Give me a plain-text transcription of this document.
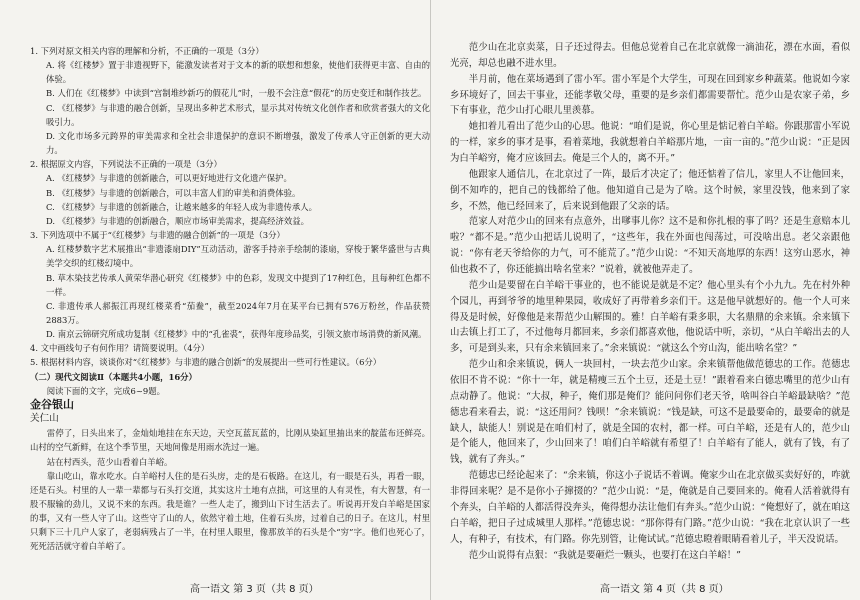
1. 下列对原文相关内容的理解和分析，不正确的一项是（3分）

A. 将《红楼梦》置于非遗视野下，能激发读者对于文本的新的联想和想象，使他们获得更丰富、自由的体验。

B. 人们在《红楼梦》中读到“宫制堆纱新巧的假花儿”时，一般不会注意“假花”的历史变迁和制作技艺。

C. 《红楼梦》与非遗的融合创新，呈现出多种艺术形式，显示其对传统文化创作者和欣赏者强大的文化吸引力。

D. 文化市场多元跨界的审美需求和全社会非遗保护的意识不断增强，激发了传承人守正创新的更大动力。

2. 根据原文内容，下列说法不正确的一项是（3分）

A. 《红楼梦》与非遗的创新融合，可以更好地进行文化遗产保护。

B. 《红楼梦》与非遗的创新融合，可以丰富人们的审美和消费体验。

C. 《红楼梦》与非遗的创新融合，让越来越多的年轻人成为非遗传承人。

D. 《红楼梦》与非遗的创新融合，顺应市场审美需求，提高经济效益。

3. 下列选项中不属于“《红楼梦》与非遗的融合创新”的一项是（3分）

A. 红楼梦数字艺术展推出“非遗漆扇DIY”互动活动，游客手持亲手绘制的漆扇，穿梭于繁华盛世与古典美学交织的红楼幻境中。

B. 草木染技艺传承人黄荣华潜心研究《红楼梦》中的色彩，发现文中提到了17种红色，且每种红色都不一样。

C. 非遗传承人郝振江再现红楼菜肴“茄鲞”，截至2024年7月在某平台已拥有576万粉丝，作品获赞2883万。

D. 南京云锦研究所成功复制《红楼梦》中的“孔雀裘”，获得年度珍品奖，引领文旅市场消费的新风潮。

4. 文中画线句子有何作用？请简要说明。（4分）

5. 根据材料内容，谈谈你对“《红楼梦》与非遗的融合创新”的发展提出一些可行性建议。（6分）

（二）现代文阅读Ⅱ（本题共4小题，16分）

阅读下面的文字，完成6~9题。

金谷银山

关仁山

雷停了，日头出来了，金灿灿地挂在东天边，天空瓦蓝瓦蓝的，比刚从染缸里抽出来的靛蓝布还鲜亮。山村的空气新鲜，在这个季节里，天地间像是用雨水洗过一遍。

站在村西头，范少山看着白羊峪。

靠山吃山，靠水吃水。白羊峪村人住的是石头房，走的是石板路。在这儿，有一眼是石头，再看一眼，还是石头。村里的人一辈一辈都与石头打交道，其实这片土地有点拙，可这里的人有灵性，有大智慧，有一股不服输的劲儿，又说不来的东西。我是谁？一些人走了，搬到山下讨生活去了。听说再开发白羊峪是国家的事，又有一些人守了山。这些守了山的人，依然守着土地，住着石头房，过着自己的日子。在这儿，村里只剩下三十几户人家了，老弱病残占了一半，在村里人眼里，像那放羊的石头是个“穷”字。他们也死心了，死死活活就守着白羊峪了。

范少山在北京卖菜，日子还过得去。但他总觉着自己在北京就像一滴油花，漂在水面，看似光亮，却总也融不进水里。

半月前，他在菜场遇到了雷小军。雷小军是个大学生，可现在回到家乡种蔬菜。他说如今家乡环境好了，回去干事业，还能孝敬父母，重要的是乡亲们都需要帮忙。范少山是农家子弟，乡下有事业，范少山打心眼儿里羡慕。

她扣着儿看出了范少山的心思。他说：“咱们是说，你心里是惦记着白羊峪。你跟那雷小军说的一样，家乡的事才是事，看着菜地，我就想着白羊峪那片地，一亩一亩的。”范少山说：“正是因为白羊峪穷，俺才应该回去。俺是三个人的，离不开。”

他跟家人通信儿，在北京过了一阵，最后才决定了；他还惦着了信儿，家里人不让他回来，倒不知咋的，把自己的钱都给了他。他知道自己是为了啥。这个时候，家里没钱，他来到了家乡，不然，他已经回来了，后来说到他跟了父亲的话。

范家人对范少山的回来有点意外，出嗲事儿你？这不是和你扎根的事了吗？还是生意赔本儿啦？“都不是。”范少山把话儿说明了，“这些年，我在外面也闯荡过，可没啥出息。老父亲跟他说：“你有老天爷给你的力气，可不能荒了。”范少山说：“不知天高地厚的东西！这穷山恶水，神仙也救不了，你还能搞出啥名堂来？”说着，就被他弄走了。

范少山是要留在白羊峪干事业的，也不能说是就是不定？他心里头有个小九九。先在村外种个园儿，再到爷爷的地里种果园，收成好了再带着乡亲们干。这是他早就想好的。他一个人可来得及是时候，好像他是来帮范少山解围的。雅！白羊峪有秉多职，大名鼎鼎的余来镇。余来镇下山去镇上打工了，不过他每月都回来，乡亲们都喜欢他，他说话中听，亲切，“从白羊峪出去的人多，可是到头来，只有余来镇回来了。”余来镇说：“就这么个穷山沟，能出啥名堂？”

范少山和余来镇说，俩人一块回村，一块去范少山家。余来镇帮他做范德忠的工作。范德忠依旧不肯不说：“你十一年，就是精瘦三五个土豆，还是土豆！”跟着看来白德忠嘴里的范少山有点动静了。他说：“大叔，种子，俺们那是俺们？能问问你们老天爷，啥叫谷白羊峪最缺啥？”范德忠看来看去，说：“这还用问？钱呗！”余来镇说：“钱是缺，可这不是最要命的，最要命的就是缺人，缺能人！别说是在咱们村了，就是全国的农村，都一样。可白羊峪，还是有人的，范少山是个能人，他回来了，少山回来了！咱们白羊峪就有希望了！白羊峪有了能人，就有了钱，有了钱，就有了奔头。”

范德忠已经论起来了：“余来镇，你这小子说话不着调。俺家少山在北京做买卖好好的，咋就非得回来呢？是不是你小子撺掇的？”范少山说：“是，俺就是自己要回来的。俺看人活着就得有个奔头，白羊峪的人都活得没奔头，俺得想办法让他们有奔头。”范少山说：“俺想好了，就在咱这白羊峪，把日子过成城里人那样。”范德忠说：“那你得有门路。”范少山说：“我在北京认识了一些人，有种子，有技术，有门路。你先别管，让俺试试。”范德忠瞪着眼睛看着儿子，半天没说话。

范少山说得有点狠：“我就是要砸烂一颗头，也要打在这白羊峪！”

高一语文 第 3 页（共 8 页）	高一语文 第 4 页（共 8 页）
